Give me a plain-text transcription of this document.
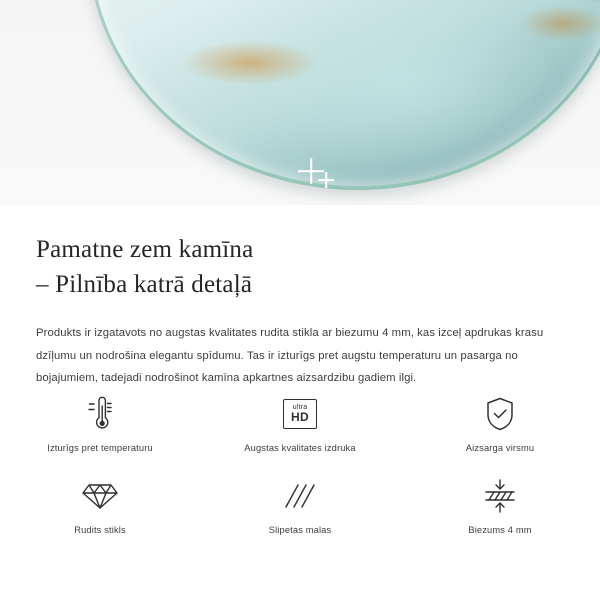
Pamatne zem kamīna
– Pilnība katrā detaļā

Produkts ir izgatavots no augstas kvalitates rudita stikla ar biezumu 4 mm, kas izceļ apdrukas krasu dzīļumu un nodrošina elegantu spīdumu. Tas ir izturīgs pret augstu temperaturu un pasarga no bojajumiem, tadejadi nodrošinot kamīna apkartnes aizsardzibu gadiem ilgi.

Izturīgs pret temperaturu
ultra
HD
Augstas kvalitates izdruka	Aizsarga virsmu
Rudits stikls	Slipetas malas	Biezums 4 mm
